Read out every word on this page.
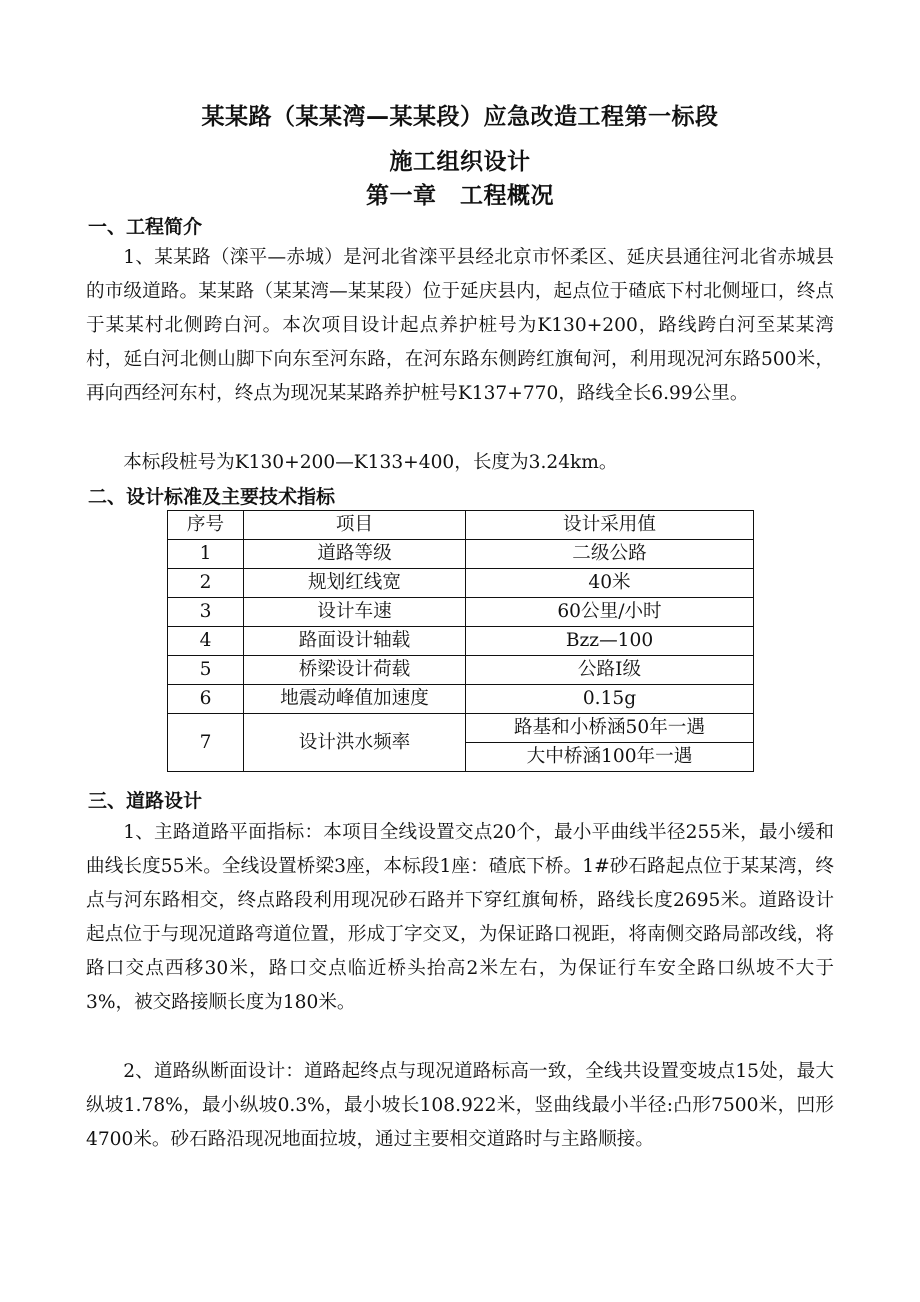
某某路（某某湾—某某段）应急改造工程第一标段
施工组织设计
第一章　工程概况
一、工程简介

1、某某路（滦平—赤城）是河北省滦平县经北京市怀柔区、延庆县通往河北省赤城县的市级道路。某某路（某某湾—某某段）位于延庆县内，起点位于碴底下村北侧垭口，终点于某某村北侧跨白河。本次项目设计起点养护桩号为K130+200，路线跨白河至某某湾村，延白河北侧山脚下向东至河东路，在河东路东侧跨红旗甸河，利用现况河东路500米，再向西经河东村，终点为现况某某路养护桩号K137+770，路线全长6.99公里。

本标段桩号为K130+200—K133+400，长度为3.24km。

二、设计标准及主要技术指标
序号	项目	设计采用值
1	道路等级	二级公路
2	规划红线宽	40米
3	设计车速	60公里/小时
4	路面设计轴载	Bzz—100
5	桥梁设计荷载	公路Ⅰ级
6	地震动峰值加速度	0.15g
7	设计洪水频率	路基和小桥涵50年一遇
		大中桥涵100年一遇
三、道路设计

1、主路道路平面指标：本项目全线设置交点20个，最小平曲线半径255米，最小缓和曲线长度55米。全线设置桥梁3座，本标段1座：碴底下桥。1#砂石路起点位于某某湾，终点与河东路相交，终点路段利用现况砂石路并下穿红旗甸桥，路线长度2695米。道路设计起点位于与现况道路弯道位置，形成丁字交叉，为保证路口视距，将南侧交路局部改线，将路口交点西移30米，路口交点临近桥头抬高2米左右，为保证行车安全路口纵坡不大于3%，被交路接顺长度为180米。

2、道路纵断面设计：道路起终点与现况道路标高一致，全线共设置变坡点15处，最大纵坡1.78%，最小纵坡0.3%，最小坡长108.922米，竖曲线最小半径:凸形7500米，凹形4700米。砂石路沿现况地面拉坡，通过主要相交道路时与主路顺接。
